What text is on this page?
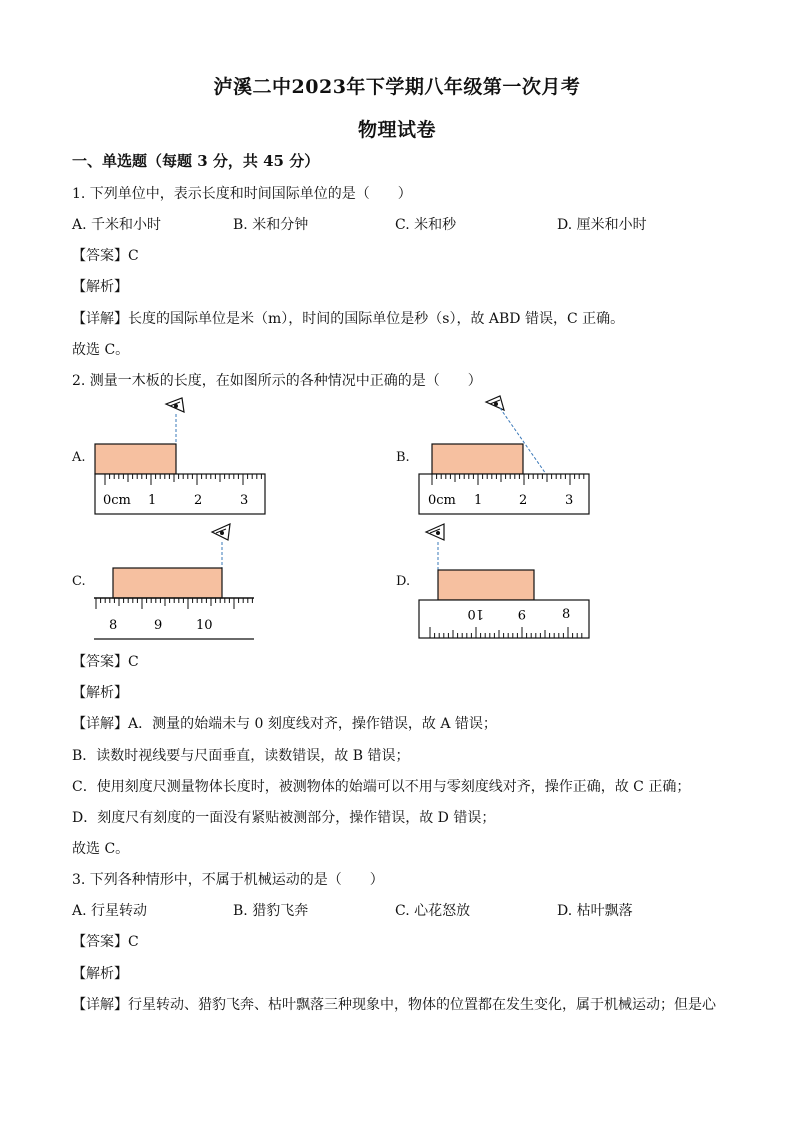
泸溪二中2023年下学期八年级第一次月考
物理试卷
一、单选题（每题 3 分，共 45 分）
1. 下列单位中，表示长度和时间国际单位的是（　　）
A. 千米和小时	B. 米和分钟	C. 米和秒	D. 厘米和小时
【答案】C
【解析】
【详解】长度的国际单位是米（m），时间的国际单位是秒（s），故 ABD 错误，C 正确。
故选 C。
2. 测量一木板的长度，在如图所示的各种情况中正确的是（　　）
A.
0cm 1	2	3
B.
0cm 1	2	3
C.
8	9	10
D.
10	9	8
【答案】C
【解析】
【详解】A．测量的始端未与 0 刻度线对齐，操作错误，故 A 错误；
B．读数时视线要与尺面垂直，读数错误，故 B 错误；
C．使用刻度尺测量物体长度时，被测物体的始端可以不用与零刻度线对齐，操作正确，故 C 正确；
D．刻度尺有刻度的一面没有紧贴被测部分，操作错误，故 D 错误；
故选 C。
3. 下列各种情形中，不属于机械运动的是（　　）
A. 行星转动	B. 猎豹飞奔	C. 心花怒放	D. 枯叶飘落
【答案】C
【解析】
【详解】行星转动、猎豹飞奔、枯叶飘落三种现象中，物体的位置都在发生变化，属于机械运动；但是心
